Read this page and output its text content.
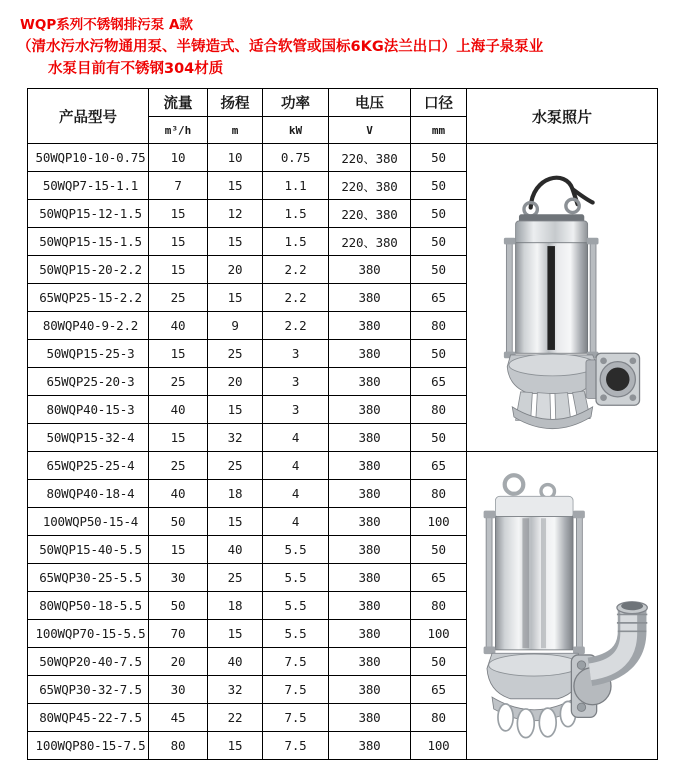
WQP系列不锈钢排污泵 A款
（清水污水污物通用泵、半铸造式、适合软管或国标6KG法兰出口）上海子泉泵业
水泵目前有不锈钢304材质
产品型号	流量	扬程	功率	电压	口径	水泵照片
	m³/h	m	kW	V	mm	
50WQP10-10-0.75	10	10	0.75	220、380	50	

50WQP7-15-1.1	7	15	1.1	220、380	50	
50WQP15-12-1.5	15	12	1.5	220、380	50	
50WQP15-15-1.5	15	15	1.5	220、380	50	
50WQP15-20-2.2	15	20	2.2	380	50	
65WQP25-15-2.2	25	15	2.2	380	65	
80WQP40-9-2.2	40	9	2.2	380	80	
50WQP15-25-3	15	25	3	380	50	
65WQP25-20-3	25	20	3	380	65	
80WQP40-15-3	40	15	3	380	80	
50WQP15-32-4	15	32	4	380	50	
65WQP25-25-4	25	25	4	380	65	

80WQP40-18-4	40	18	4	380	80	
100WQP50-15-4	50	15	4	380	100	
50WQP15-40-5.5	15	40	5.5	380	50	
65WQP30-25-5.5	30	25	5.5	380	65	
80WQP50-18-5.5	50	18	5.5	380	80	
100WQP70-15-5.5	70	15	5.5	380	100	
50WQP20-40-7.5	20	40	7.5	380	50	
65WQP30-32-7.5	30	32	7.5	380	65	
80WQP45-22-7.5	45	22	7.5	380	80	
100WQP80-15-7.5	80	15	7.5	380	100	
